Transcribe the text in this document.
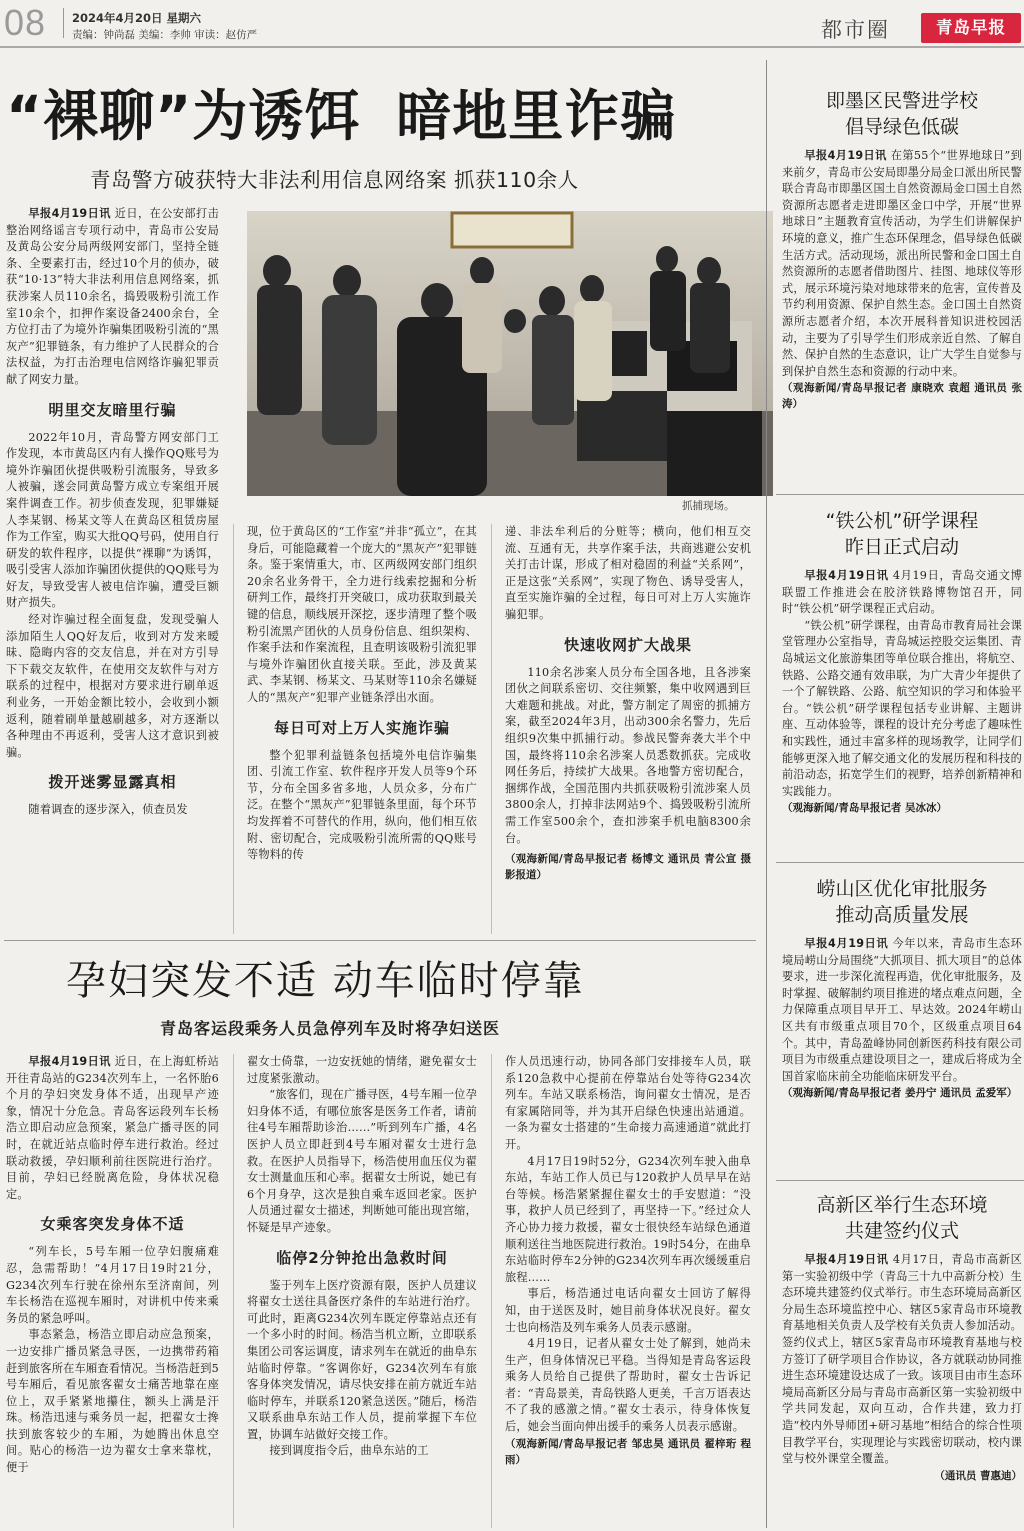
08 2024年4月20日 星期六
责编：钟尚磊 美编：李帅 审读：赵仿严	都市圈	青岛早报
“裸聊”为诱饵 暗地里诈骗
青岛警方破获特大非法利用信息网络案 抓获110余人
抓捕现场。

早报4月19日讯 近日，在公安部打击整治网络谣言专项行动中，青岛市公安局及黄岛公安分局两级网安部门，坚持全链条、全要素打击，经过10个月的侦办，破获“10·13”特大非法利用信息网络案，抓获涉案人员110余名，捣毁吸粉引流工作室10余个，扣押作案设备2400余台，全方位打击了为境外诈骗集团吸粉引流的“黑灰产”犯罪链条，有力维护了人民群众的合法权益，为打击治理电信网络诈骗犯罪贡献了网安力量。

明里交友暗里行骗

2022年10月，青岛警方网安部门工作发现，本市黄岛区内有人操作QQ账号为境外诈骗团伙提供吸粉引流服务，导致多人被骗，遂会同黄岛警方成立专案组开展案件调查工作。初步侦查发现，犯罪嫌疑人李某钢、杨某文等人在黄岛区租赁房屋作为工作室，购买大批QQ号码，使用自行研发的软件程序，以提供“裸聊”为诱饵，吸引受害人添加诈骗团伙提供的QQ账号为好友，导致受害人被电信诈骗，遭受巨额财产损失。

经对诈骗过程全面复盘，发现受骗人添加陌生人QQ好友后，收到对方发来暧昧、隐晦内容的交友信息，并在对方引导下下载交友软件，在使用交友软件与对方联系的过程中，根据对方要求进行刷单返利业务，一开始金额比较小，会收到小额返利，随着刷单量越刷越多，对方逐渐以各种理由不再返利，受害人这才意识到被骗。

拨开迷雾显露真相

随着调查的逐步深入，侦查员发

现，位于黄岛区的“工作室”并非“孤立”，在其身后，可能隐藏着一个庞大的“黑灰产”犯罪链条。鉴于案情重大，市、区两级网安部门组织20余名业务骨干，全力进行线索挖掘和分析研判工作，最终打开突破口，成功获取到最关键的信息，顺线展开深挖，逐步清理了整个吸粉引流黑产团伙的人员身份信息、组织架构、作案手法和作案流程，且查明该吸粉引流犯罪与境外诈骗团伙直接关联。至此，涉及黄某武、李某钢、杨某文、马某财等110余名嫌疑人的“黑灰产”犯罪产业链条浮出水面。

每日可对上万人实施诈骗

整个犯罪利益链条包括境外电信诈骗集团、引流工作室、软件程序开发人员等9个环节，分布全国多省多地，人员众多，分布广泛。在整个“黑灰产”犯罪链条里面，每个环节均发挥着不可替代的作用，纵向，他们相互依附、密切配合，完成吸粉引流所需的QQ账号等物料的传

递、非法牟利后的分赃等；横向，他们相互交流、互通有无，共享作案手法，共商逃避公安机关打击计谋，形成了相对稳固的利益“关系网”，正是这张“关系网”，实现了物色、诱导受害人，直至实施诈骗的全过程，每日可对上万人实施诈骗犯罪。

快速收网扩大战果

110余名涉案人员分布全国各地，且各涉案团伙之间联系密切、交往频繁，集中收网遇到巨大难题和挑战。对此，警方制定了周密的抓捕方案，截至2024年3月，出动300余名警力，先后组织9次集中抓捕行动。参战民警奔袭大半个中国，最终将110余名涉案人员悉数抓获。完成收网任务后，持续扩大战果。各地警方密切配合，捆绑作战，全国范围内共抓获吸粉引流涉案人员3800余人，打掉非法网站9个、捣毁吸粉引流所需工作室500余个，查扣涉案手机电脑8300余台。

（观海新闻/青岛早报记者 杨博文 通讯员 青公宣 摄影报道）

孕妇突发不适 动车临时停靠
青岛客运段乘务人员急停列车及时将孕妇送医

早报4月19日讯 近日，在上海虹桥站开往青岛站的G234次列车上，一名怀胎6个月的孕妇突发身体不适，出现早产迹象，情况十分危急。青岛客运段列车长杨浩立即启动应急预案，紧急广播寻医的同时，在就近站点临时停车进行救治。经过联动救援，孕妇顺利前往医院进行治疗。目前，孕妇已经脱离危险，身体状况稳定。

女乘客突发身体不适

“列车长，5号车厢一位孕妇腹痛难忍，急需帮助！”4月17日19时21分，G234次列车行驶在徐州东至济南间，列车长杨浩在巡视车厢时，对讲机中传来乘务员的紧急呼叫。

事态紧急，杨浩立即启动应急预案，一边安排广播员紧急寻医，一边携带药箱赶到旅客所在车厢查看情况。当杨浩赶到5号车厢后，看见旅客翟女士痛苦地靠在座位上，双手紧紧地攥住，额头上满是汗珠。杨浩迅速与乘务员一起，把翟女士搀扶到旅客较少的车厢，为她腾出休息空间。贴心的杨浩一边为翟女士拿来靠枕，便于

翟女士倚靠，一边安抚她的情绪，避免翟女士过度紧张激动。

“旅客们，现在广播寻医，4号车厢一位孕妇身体不适，有哪位旅客是医务工作者，请前往4号车厢帮助诊治……”听到列车广播，4名医护人员立即赶到4号车厢对翟女士进行急救。在医护人员指导下，杨浩使用血压仪为翟女士测量血压和心率。据翟女士所说，她已有6个月身孕，这次是独自乘车返回老家。医护人员通过翟女士描述，判断她可能出现宫缩，怀疑是早产迹象。

临停2分钟抢出急救时间

鉴于列车上医疗资源有限，医护人员建议将翟女士送往具备医疗条件的车站进行治疗。可此时，距离G234次列车既定停靠站点还有一个多小时的时间。杨浩当机立断，立即联系集团公司客运调度，请求列车在就近的曲阜东站临时停靠。“客调你好，G234次列车有旅客身体突发情况，请尽快安排在前方就近车站临时停车，并联系120紧急送医。”随后，杨浩又联系曲阜东站工作人员，提前掌握下车位置，协调车站做好交接工作。

接到调度指令后，曲阜东站的工

作人员迅速行动，协同各部门安排接车人员，联系120急救中心提前在停靠站台处等待G234次列车。车站又联系杨浩，询问翟女士情况，是否有家属陪同等，并为其开启绿色快速出站通道。一条为翟女士搭建的“生命接力高速通道”就此打开。

4月17日19时52分，G234次列车驶入曲阜东站，车站工作人员已与120救护人员早早在站台等候。杨浩紧紧握住翟女士的手安慰道：“没事，救护人员已经到了，再坚持一下。”经过众人齐心协力接力救援，翟女士很快经车站绿色通道顺利送往当地医院进行救治。19时54分，在曲阜东站临时停车2分钟的G234次列车再次缓缓重启旅程……

事后，杨浩通过电话向翟女士回访了解得知，由于送医及时，她目前身体状况良好。翟女士也向杨浩及列车乘务人员表示感谢。

4月19日，记者从翟女士处了解到，她尚未生产，但身体情况已平稳。当得知是青岛客运段乘务人员给自己提供了帮助时，翟女士告诉记者：“青岛景美，青岛铁路人更美，千言万语表达不了我的感激之情。”翟女士表示，待身体恢复后，她会当面向伸出援手的乘务人员表示感谢。

（观海新闻/青岛早报记者 邹忠昊 通讯员 翟梓珩 程雨）

即墨区民警进学校
倡导绿色低碳

早报4月19日讯 在第55个“世界地球日”到来前夕，青岛市公安局即墨分局金口派出所民警联合青岛市即墨区国土自然资源局金口国土自然资源所志愿者走进即墨区金口中学，开展“世界地球日”主题教育宣传活动，为学生们讲解保护环境的意义，推广生态环保理念，倡导绿色低碳生活方式。活动现场，派出所民警和金口国土自然资源所的志愿者借助图片、挂图、地球仪等形式，展示环境污染对地球带来的危害，宣传普及节约利用资源、保护自然生态。金口国土自然资源所志愿者介绍，本次开展科普知识进校园活动，主要为了引导学生们形成亲近自然、了解自然、保护自然的生态意识，让广大学生自觉参与到保护自然生态和资源的行动中来。

（观海新闻/青岛早报记者 康晓欢 袁超 通讯员 张涛）

“铁公机”研学课程
昨日正式启动

早报4月19日讯 4月19日，青岛交通文博联盟工作推进会在胶济铁路博物馆召开，同时“铁公机”研学课程正式启动。

“铁公机”研学课程，由青岛市教育局社会课堂管理办公室指导，青岛城运控股交运集团、青岛城运文化旅游集团等单位联合推出，将航空、铁路、公路交通有效串联，为广大青少年提供了一个了解铁路、公路、航空知识的学习和体验平台。“铁公机”研学课程包括专业讲解、主题讲座、互动体验等，课程的设计充分考虑了趣味性和实践性，通过丰富多样的现场教学，让同学们能够更深入地了解交通文化的发展历程和科技的前沿动态，拓宽学生们的视野，培养创新精神和实践能力。

（观海新闻/青岛早报记者 吴冰冰）

崂山区优化审批服务
推动高质量发展

早报4月19日讯 今年以来，青岛市生态环境局崂山分局围绕“大抓项目、抓大项目”的总体要求，进一步深化流程再造，优化审批服务，及时掌握、破解制约项目推进的堵点难点问题，全力保障重点项目早开工、早达效。2024年崂山区共有市级重点项目70个，区级重点项目64个。其中，青岛盈峰协同创新医药科技有限公司项目为市级重点建设项目之一，建成后将成为全国首家临床前全功能临床研发平台。

（观海新闻/青岛早报记者 姜丹宁 通讯员 孟爱军）

高新区举行生态环境
共建签约仪式

早报4月19日讯 4月17日，青岛市高新区第一实验初级中学（青岛三十九中高新分校）生态环境共建签约仪式举行。市生态环境局高新区分局生态环境监控中心、辖区5家青岛市环境教育基地相关负责人及学校有关负责人参加活动。签约仪式上，辖区5家青岛市环境教育基地与校方签订了研学项目合作协议，各方就联动协同推进生态环境建设达成了一致。该项目由市生态环境局高新区分局与青岛市高新区第一实验初级中学共同发起，双向互动，合作共建，致力打造“校内外导师团+研习基地”相结合的综合性项目教学平台，实现理论与实践密切联动，校内课堂与校外课堂全覆盖。

（通讯员 曹惠迪）
